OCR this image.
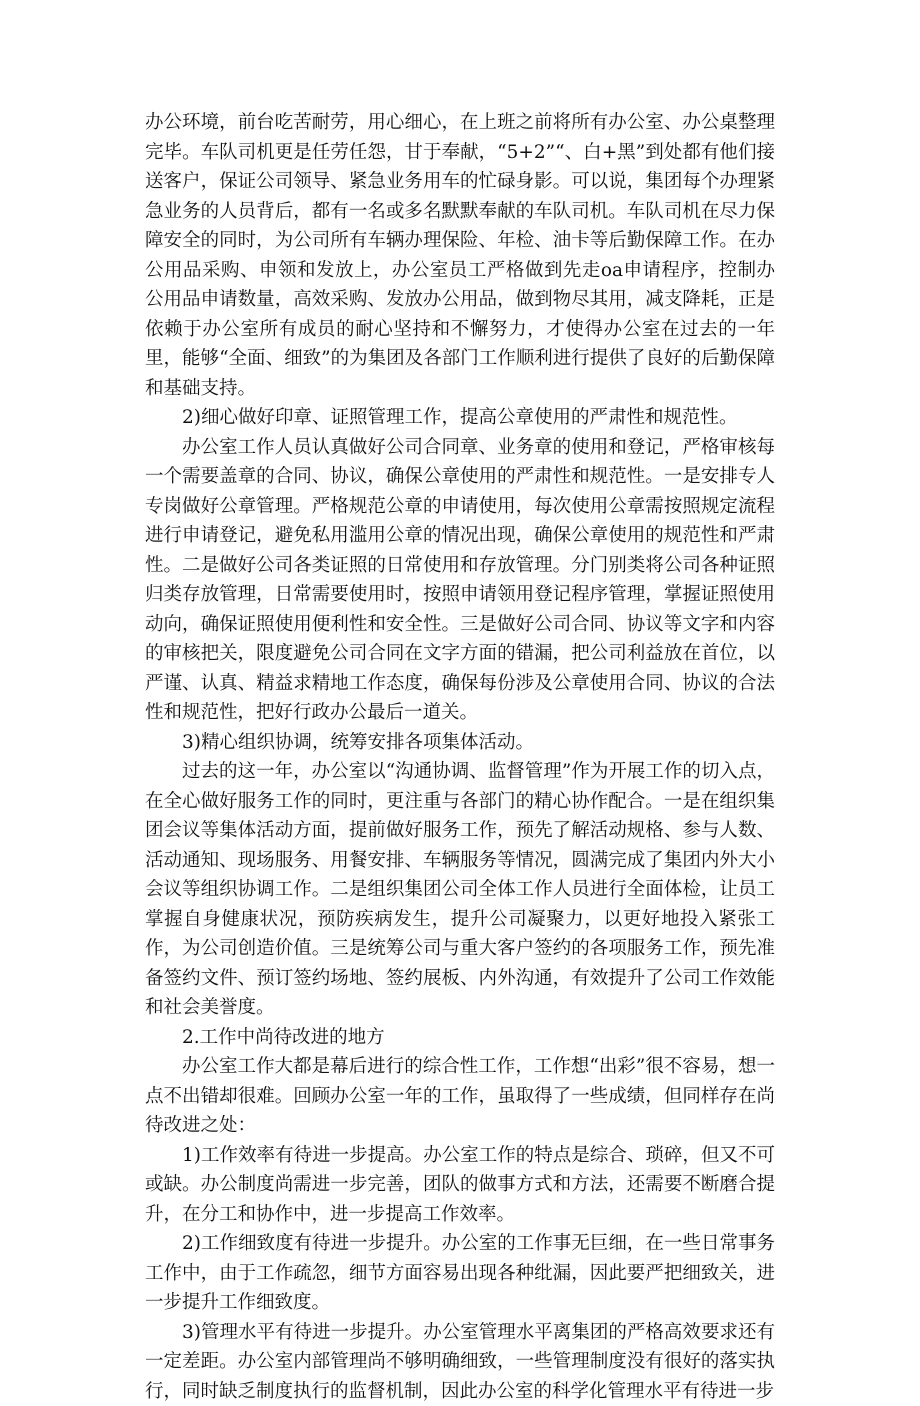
办公环境，前台吃苦耐劳，用心细心，在上班之前将所有办公室、办公桌整理完毕。车队司机更是任劳任怨，甘于奉献，“5+2”“、白+黑”到处都有他们接送客户，保证公司领导、紧急业务用车的忙碌身影。可以说，集团每个办理紧急业务的人员背后，都有一名或多名默默奉献的车队司机。车队司机在尽力保障安全的同时，为公司所有车辆办理保险、年检、油卡等后勤保障工作。在办公用品采购、申领和发放上，办公室员工严格做到先走oa申请程序，控制办公用品申请数量，高效采购、发放办公用品，做到物尽其用，减支降耗，正是依赖于办公室所有成员的耐心坚持和不懈努力，才使得办公室在过去的一年里，能够“全面、细致”的为集团及各部门工作顺利进行提供了良好的后勤保障和基础支持。

2)细心做好印章、证照管理工作，提高公章使用的严肃性和规范性。

办公室工作人员认真做好公司合同章、业务章的使用和登记，严格审核每一个需要盖章的合同、协议，确保公章使用的严肃性和规范性。一是安排专人专岗做好公章管理。严格规范公章的申请使用，每次使用公章需按照规定流程进行申请登记，避免私用滥用公章的情况出现，确保公章使用的规范性和严肃性。二是做好公司各类证照的日常使用和存放管理。分门别类将公司各种证照归类存放管理，日常需要使用时，按照申请领用登记程序管理，掌握证照使用动向，确保证照使用便利性和安全性。三是做好公司合同、协议等文字和内容的审核把关，限度避免公司合同在文字方面的错漏，把公司利益放在首位，以严谨、认真、精益求精地工作态度，确保每份涉及公章使用合同、协议的合法性和规范性，把好行政办公最后一道关。

3)精心组织协调，统筹安排各项集体活动。

过去的这一年，办公室以“沟通协调、监督管理”作为开展工作的切入点，在全心做好服务工作的同时，更注重与各部门的精心协作配合。一是在组织集团会议等集体活动方面，提前做好服务工作，预先了解活动规格、参与人数、活动通知、现场服务、用餐安排、车辆服务等情况，圆满完成了集团内外大小会议等组织协调工作。二是组织集团公司全体工作人员进行全面体检，让员工掌握自身健康状况，预防疾病发生，提升公司凝聚力，以更好地投入紧张工作，为公司创造价值。三是统筹公司与重大客户签约的各项服务工作，预先准备签约文件、预订签约场地、签约展板、内外沟通，有效提升了公司工作效能和社会美誉度。

2.工作中尚待改进的地方

办公室工作大都是幕后进行的综合性工作，工作想“出彩”很不容易，想一点不出错却很难。回顾办公室一年的工作，虽取得了一些成绩，但同样存在尚待改进之处：

1)工作效率有待进一步提高。办公室工作的特点是综合、琐碎，但又不可或缺。办公制度尚需进一步完善，团队的做事方式和方法，还需要不断磨合提升，在分工和协作中，进一步提高工作效率。

2)工作细致度有待进一步提升。办公室的工作事无巨细，在一些日常事务工作中，由于工作疏忽，细节方面容易出现各种纰漏，因此要严把细致关，进一步提升工作细致度。

3)管理水平有待进一步提升。办公室管理水平离集团的严格高效要求还有一定差距。办公室内部管理尚不够明确细致，一些管理制度没有很好的落实执行，同时缺乏制度执行的监督机制，因此办公室的科学化管理水平有待进一步
